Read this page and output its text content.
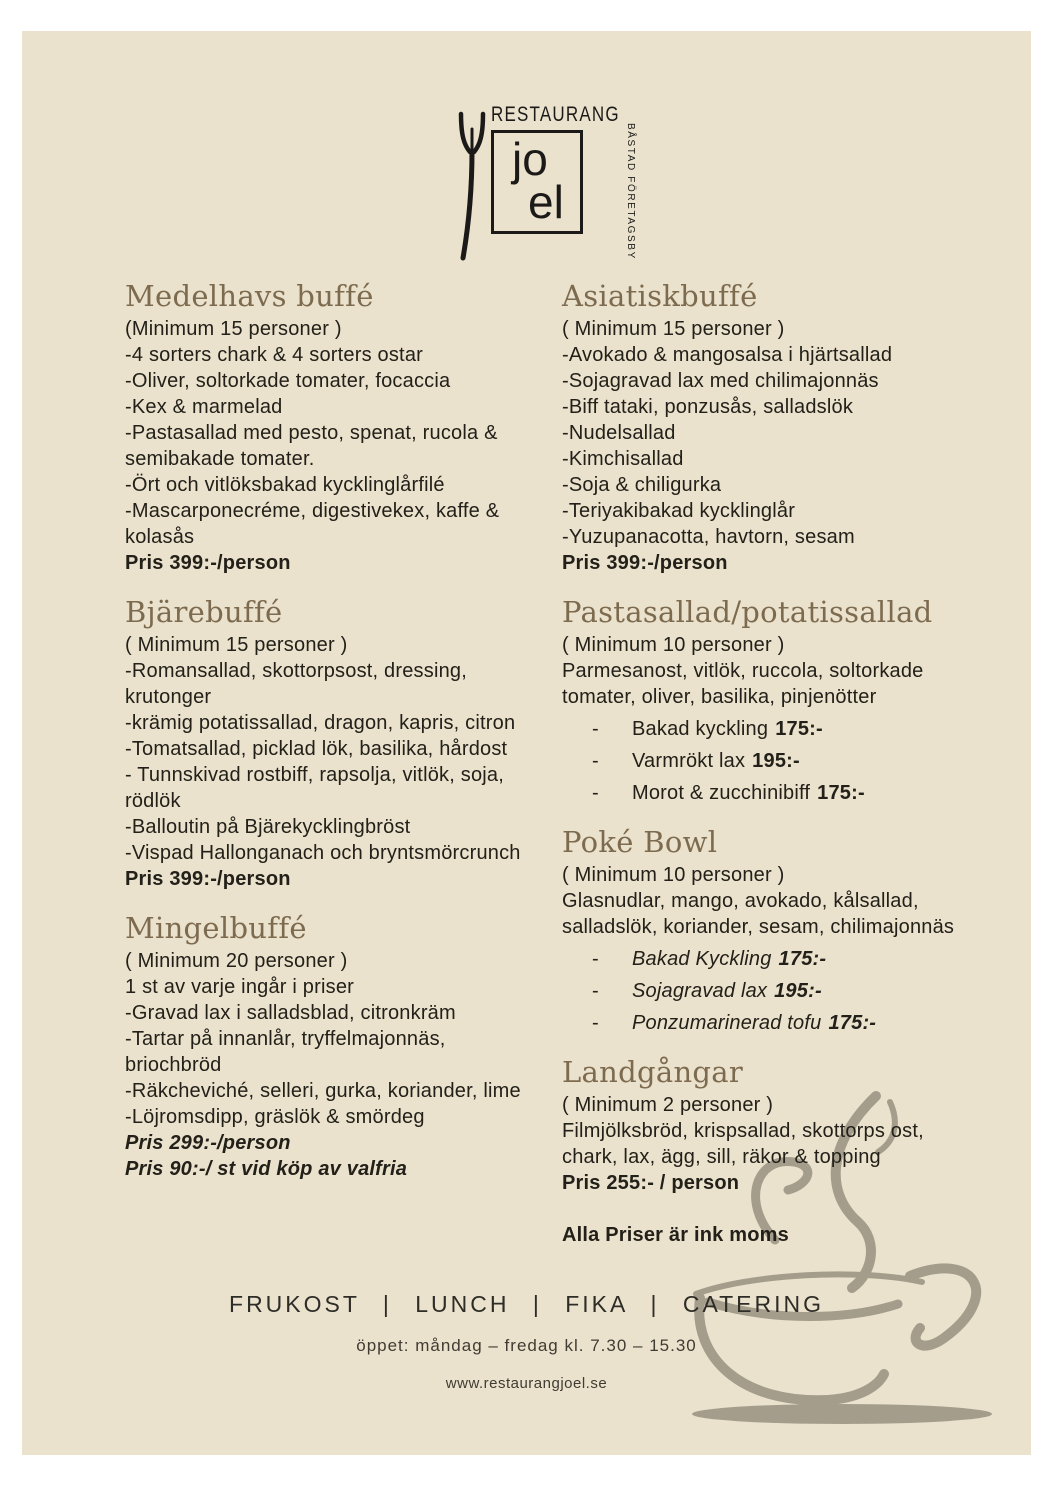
RESTAURANG
jo
el	BÅSTAD FÖRETAGSBY
Medelhavs buffé
(Minimum 15 personer )
-4 sorters chark & 4 sorters ostar
-Oliver, soltorkade tomater, focaccia
-Kex & marmelad
-Pastasallad med pesto, spenat, rucola & semibakade tomater.
-Ört och vitlöksbakad kycklinglårfilé
-Mascarponecréme, digestivekex, kaffe & kolasås
Pris 399:-/person
Bjärebuffé
( Minimum 15 personer )
-Romansallad, skottorpsost, dressing, krutonger
-krämig potatissallad, dragon, kapris, citron
-Tomatsallad, picklad lök, basilika, hårdost
- Tunnskivad rostbiff, rapsolja, vitlök, soja, rödlök
-Balloutin på Bjärekycklingbröst
-Vispad Hallonganach och bryntsmörcrunch
Pris 399:-/person
Mingelbuffé
( Minimum 20 personer )
1 st av varje ingår i priser
-Gravad lax i salladsblad, citronkräm
-Tartar på innanlår, tryffelmajonnäs, briochbröd
-Räkcheviché, selleri, gurka, koriander, lime
-Löjromsdipp, gräslök & smördeg
Pris 299:-/person
Pris 90:-/ st vid köp av valfria
Asiatiskbuffé
( Minimum 15 personer )
-Avokado & mangosalsa i hjärtsallad
-Sojagravad lax med chilimajonnäs
-Biff tataki, ponzusås, salladslök
-Nudelsallad
-Kimchisallad
-Soja & chiligurka
-Teriyakibakad kycklinglår
-Yuzupanacotta, havtorn, sesam
Pris 399:-/person
Pastasallad/potatissallad
( Minimum 10 personer )
Parmesanost, vitlök, ruccola, soltorkade tomater, oliver, basilika, pinjenötter
-	Bakad kyckling 175:-
-	Varmrökt lax 195:-
-	Morot & zucchinibiff 175:-
Poké Bowl
( Minimum 10 personer )
Glasnudlar, mango, avokado, kålsallad, salladslök, koriander, sesam, chilimajonnäs
-	Bakad Kyckling 175:-
-	Sojagravad lax 195:-
-	Ponzumarinerad tofu 175:-
Landgångar
( Minimum 2 personer )
Filmjölksbröd, krispsallad, skottorps ost, chark, lax, ägg, sill, räkor & topping
Pris 255:- / person
Alla Priser är ink moms
FRUKOST | LUNCH | FIKA | CATERING
öppet: måndag – fredag kl. 7.30 – 15.30
www.restaurangjoel.se
